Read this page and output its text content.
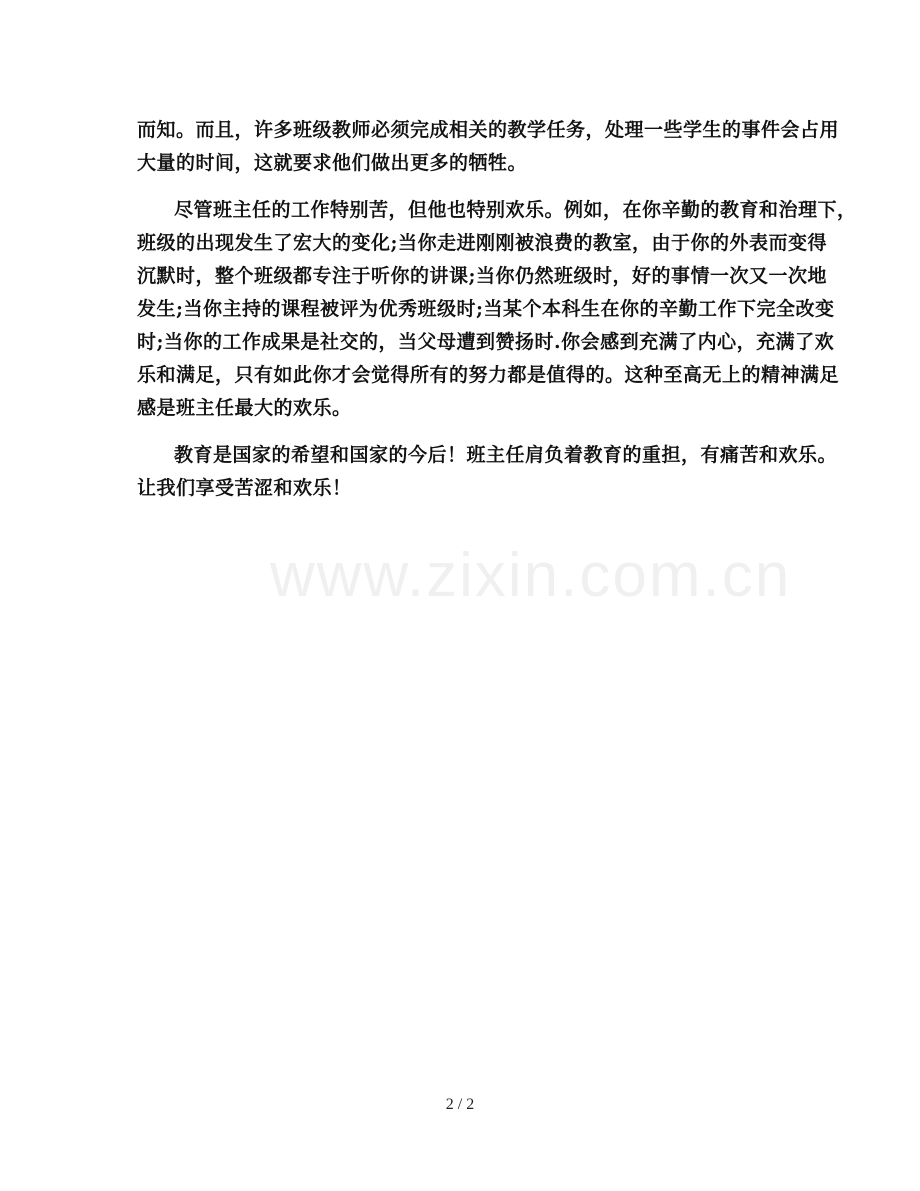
www.zixin.com.cn
而知。而且，许多班级教师必须完成相关的教学任务，处理一些学生的事件会占用
大量的时间，这就要求他们做出更多的牺牲。
尽管班主任的工作特别苦，但他也特别欢乐。例如，在你辛勤的教育和治理下，
班级的出现发生了宏大的变化;当你走进刚刚被浪费的教室，由于你的外表而变得
沉默时，整个班级都专注于听你的讲课;当你仍然班级时，好的事情一次又一次地
发生;当你主持的课程被评为优秀班级时;当某个本科生在你的辛勤工作下完全改变
时;当你的工作成果是社交的，当父母遭到赞扬时.你会感到充满了内心，充满了欢
乐和满足，只有如此你才会觉得所有的努力都是值得的。这种至高无上的精神满足
感是班主任最大的欢乐。
教育是国家的希望和国家的今后！班主任肩负着教育的重担，有痛苦和欢乐。
让我们享受苦涩和欢乐！
2 / 2
